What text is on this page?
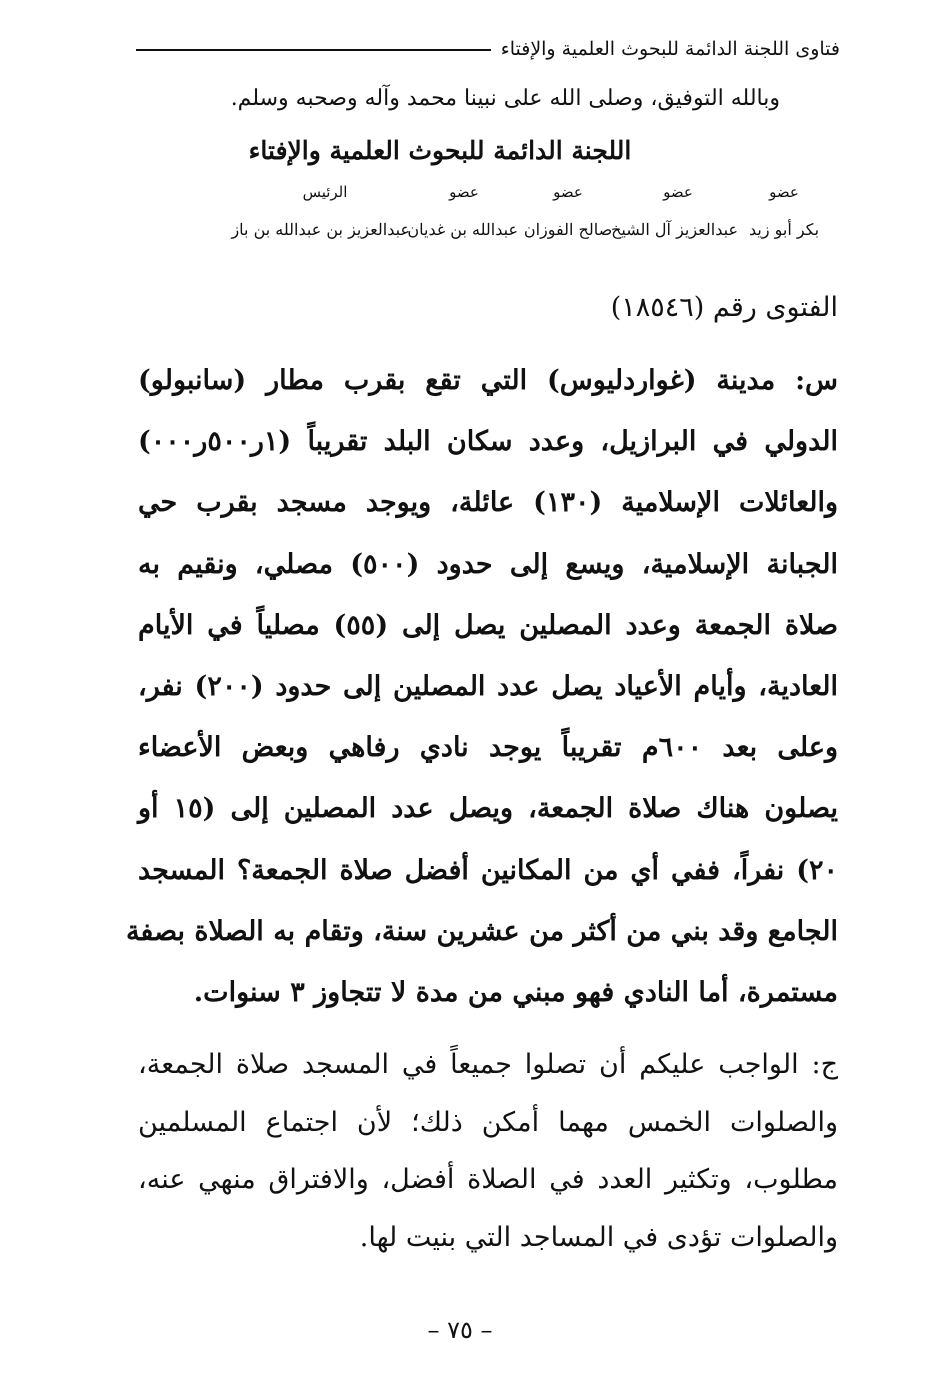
فتاوى اللجنة الدائمة للبحوث العلمية والإفتاء
وبالله التوفيق، وصلى الله على نبينا محمد وآله وصحبه وسلم.
اللجنة الدائمة للبحوث العلمية والإفتاء
عضو
عضو
عضو
عضو
الرئيس
بكر أبو زيد
عبدالعزيز آل الشيخ
صالح الفوزان
عبدالله بن غديان
عبدالعزيز بن عبدالله بن باز
الفتوى رقم (١٨٥٤٦)
س: مدينة (غواردليوس) التي تقع بقرب مطار (سانبولو)
الدولي في البرازيل، وعدد سكان البلد تقريباً (١ر٥٠٠ر٠٠٠)
والعائلات الإسلامية (١٣٠) عائلة، ويوجد مسجد بقرب حي
الجبانة الإسلامية، ويسع إلى حدود (٥٠٠) مصلي، ونقيم به
صلاة الجمعة وعدد المصلين يصل إلى (٥٥) مصلياً في الأيام
العادية، وأيام الأعياد يصل عدد المصلين إلى حدود (٢٠٠) نفر،
وعلى بعد ٦٠٠م تقريباً يوجد نادي رفاهي وبعض الأعضاء
يصلون هناك صلاة الجمعة، ويصل عدد المصلين إلى (١٥ أو
٢٠) نفراً، ففي أي من المكانين أفضل صلاة الجمعة؟ المسجد
الجامع وقد بني من أكثر من عشرين سنة، وتقام به الصلاة بصفة
مستمرة، أما النادي فهو مبني من مدة لا تتجاوز ٣ سنوات.
ج: الواجب عليكم أن تصلوا جميعاً في المسجد صلاة الجمعة،
والصلوات الخمس مهما أمكن ذلك؛ لأن اجتماع المسلمين
مطلوب، وتكثير العدد في الصلاة أفضل، والافتراق منهي عنه،
والصلوات تؤدى في المساجد التي بنيت لها.
– ٧٥ –
